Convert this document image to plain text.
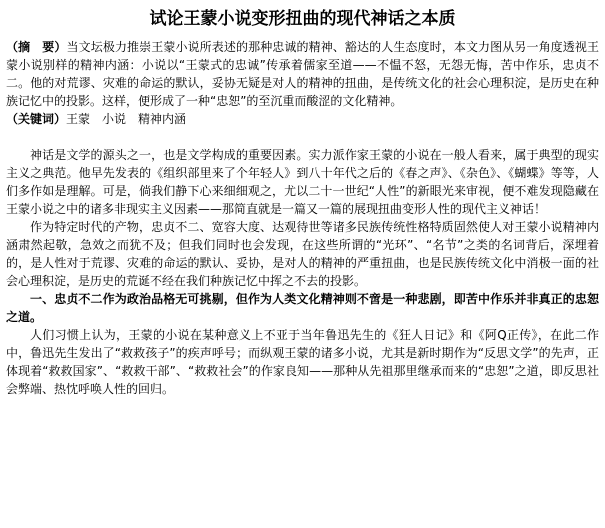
试论王蒙小说变形扭曲的现代神话之本质

（摘　要）当文坛极力推崇王蒙小说所表述的那种忠诚的精神、豁达的人生态度时，本文力图从另一角度透视王蒙小说别样的精神内涵：小说以“王蒙式的忠诚”传承着儒家至道——不愠不怒，无怨无悔，苦中作乐，忠贞不二。他的对荒谬、灾难的命运的默认，妥协无疑是对人的精神的扭曲，是传统文化的社会心理积淀，是历史在种族记忆中的投影。这样，便形成了一种“忠恕”的至沉重而酸涩的文化精神。

（关键词）王蒙　小说　精神内涵

神话是文学的源头之一，也是文学构成的重要因素。实力派作家王蒙的小说在一般人看来，属于典型的现实主义之典范。他早先发表的《组织部里来了个年轻人》到八十年代之后的《春之声》、《杂色》、《蝴蝶》等等，人们多作如是理解。可是，倘我们静下心来细细观之，尤以二十一世纪“人性”的新眼光来审视，便不难发现隐藏在王蒙小说之中的诸多非现实主义因素——那简直就是一篇又一篇的展现扭曲变形人性的现代主义神话！

作为特定时代的产物，忠贞不二、宽容大度、达观待世等诸多民族传统性格特质固然使人对王蒙小说精神内涵肃然起敬，急效之而犹不及；但我们同时也会发现，在这些所谓的“光环”、“名节”之类的名词背后，深埋着的，是人性对于荒谬、灾难的命运的默认、妥协，是对人的精神的严重扭曲，也是民族传统文化中消极一面的社会心理积淀，是历史的荒诞不经在我们种族记忆中挥之不去的投影。

一、忠贞不二作为政治品格无可挑剔，但作为人类文化精神则不啻是一种悲剧，即苦中作乐并非真正的忠恕之道。

人们习惯上认为，王蒙的小说在某种意义上不亚于当年鲁迅先生的《狂人日记》和《阿Q正传》，在此二作中，鲁迅先生发出了“救救孩子”的疾声呼号；而纵观王蒙的诸多小说，尤其是新时期作为“反思文学”的先声，正体现着“救救国家”、“救救干部”、“救救社会”的作家良知——那种从先祖那里继承而来的“忠恕”之道，即反思社会弊端、热忱呼唤人性的回归。
